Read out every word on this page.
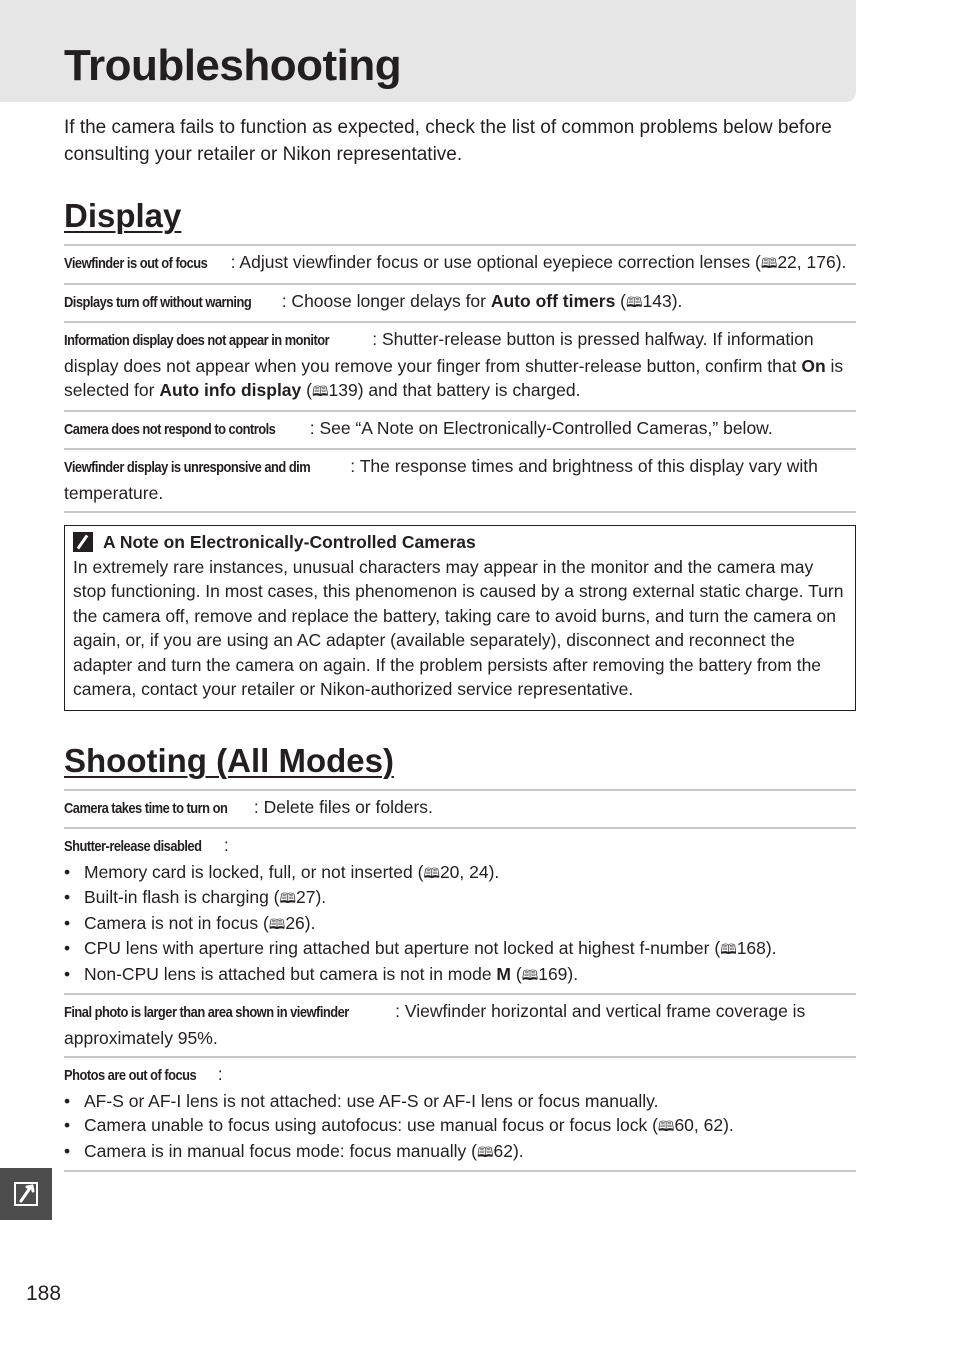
Troubleshooting

If the camera fails to function as expected, check the list of common problems below before consulting your retailer or Nikon representative.

Display
Viewfinder is out of focus : Adjust viewfinder focus or use optional eyepiece correction lenses (🕮22, 176).
Displays turn off without warning : Choose longer delays for Auto off timers (🕮143).
Information display does not appear in monitor : Shutter-release button is pressed halfway. If information display does not appear when you remove your finger from shutter-release button, confirm that On is selected for Auto info display (🕮139) and that battery is charged.
Camera does not respond to controls : See “A Note on Electronically-Controlled Cameras,” below.
Viewfinder display is unresponsive and dim : The response times and brightness of this display vary with temperature.
A Note on Electronically-Controlled Cameras
In extremely rare instances, unusual characters may appear in the monitor and the camera may stop functioning. In most cases, this phenomenon is caused by a strong external static charge. Turn the camera off, remove and replace the battery, taking care to avoid burns, and turn the camera on again, or, if you are using an AC adapter (available separately), disconnect and reconnect the adapter and turn the camera on again. If the problem persists after removing the battery from the camera, contact your retailer or Nikon-authorized service representative.
Shooting (All Modes)
Camera takes time to turn on : Delete files or folders.
Shutter-release disabled :
• Memory card is locked, full, or not inserted (🕮20, 24).
• Built-in flash is charging (🕮27).
• Camera is not in focus (🕮26).
• CPU lens with aperture ring attached but aperture not locked at highest f-number (🕮168).
• Non-CPU lens is attached but camera is not in mode M (🕮169).
Final photo is larger than area shown in viewfinder	: Viewfinder horizontal and vertical frame coverage is approximately 95%.
Photos are out of focus :
• AF-S or AF-I lens is not attached: use AF-S or AF-I lens or focus manually.
• Camera unable to focus using autofocus: use manual focus or focus lock (🕮60, 62).
• Camera is in manual focus mode: focus manually (🕮62).

188
